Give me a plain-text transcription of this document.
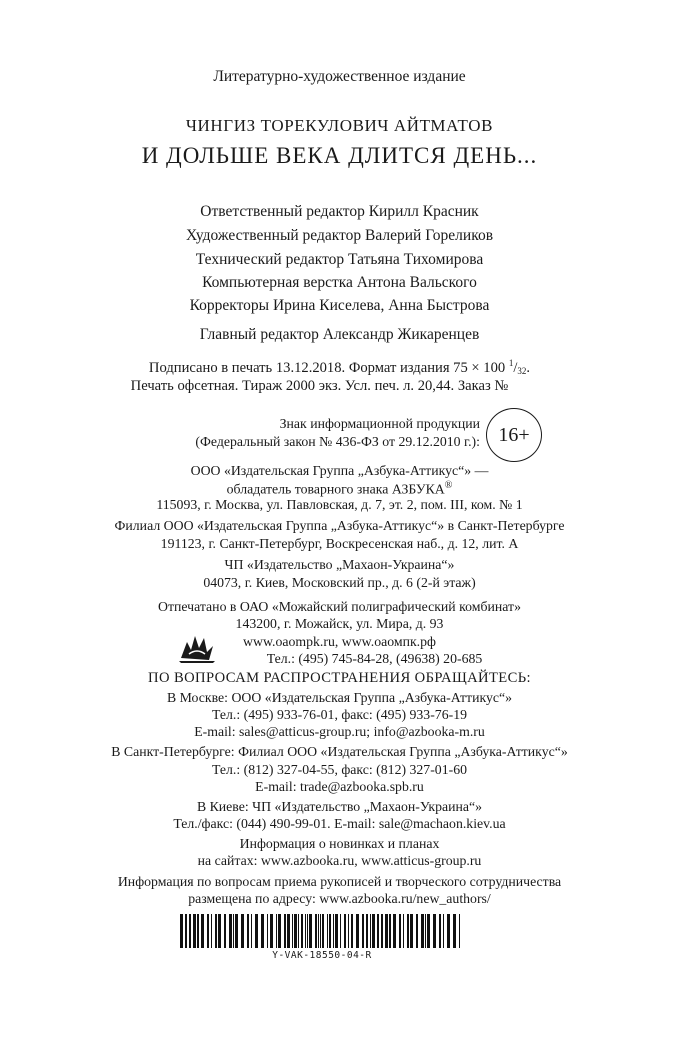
Литературно-художественное издание
ЧИНГИЗ ТОРЕКУЛОВИЧ АЙТМАТОВ
И ДОЛЬШЕ ВЕКА ДЛИТСЯ ДЕНЬ...
Ответственный редактор Кирилл Красник
Художественный редактор Валерий Гореликов
Технический редактор Татьяна Тихомирова
Компьютерная верстка Антона Вальского
Корректоры Ирина Киселева, Анна Быстрова
Главный редактор Александр Жикаренцев
Подписано в печать 13.12.2018. Формат издания 75 × 100 $^1/_{32}$.
Печать офсетная. Тираж 2000 экз. Усл. печ. л. 20,44. Заказ №
Знак информационной продукции
(Федеральный закон № 436-ФЗ от 29.12.2010 г.): 16+
ООО «Издательская Группа „Азбука-Аттикус“» —
обладатель товарного знака АЗБУКА®
115093, г. Москва, ул. Павловская, д. 7, эт. 2, пом. III, ком. № 1
Филиал ООО «Издательская Группа „Азбука-Аттикус“» в Санкт-Петербурге
191123, г. Санкт-Петербург, Воскресенская наб., д. 12, лит. А
ЧП «Издательство „Махаон-Украина“»
04073, г. Киев, Московский пр., д. 6 (2-й этаж)
Отпечатано в ОАО «Можайский полиграфический комбинат»
143200, г. Можайск, ул. Мира, д. 93
www.oaompk.ru, www.оаомпк.рф
Тел.: (495) 745-84-28, (49638) 20-685
ПО ВОПРОСАМ РАСПРОСТРАНЕНИЯ ОБРАЩАЙТЕСЬ:
В Москве: ООО «Издательская Группа „Азбука-Аттикус“»
Тел.: (495) 933-76-01, факс: (495) 933-76-19
E-mail: sales@atticus-group.ru; info@azbooka-m.ru
В Санкт-Петербурге: Филиал ООО «Издательская Группа „Азбука-Аттикус“»
Тел.: (812) 327-04-55, факс: (812) 327-01-60
E-mail: trade@azbooka.spb.ru
В Киеве: ЧП «Издательство „Махаон-Украина“»
Тел./факс: (044) 490-99-01. E-mail: sale@machaon.kiev.ua
Информация о новинках и планах
на сайтах: www.azbooka.ru, www.atticus-group.ru
Информация по вопросам приема рукописей и творческого сотрудничества
размещена по адресу: www.azbooka.ru/new_authors/
Y-VAK-18550-04-R
